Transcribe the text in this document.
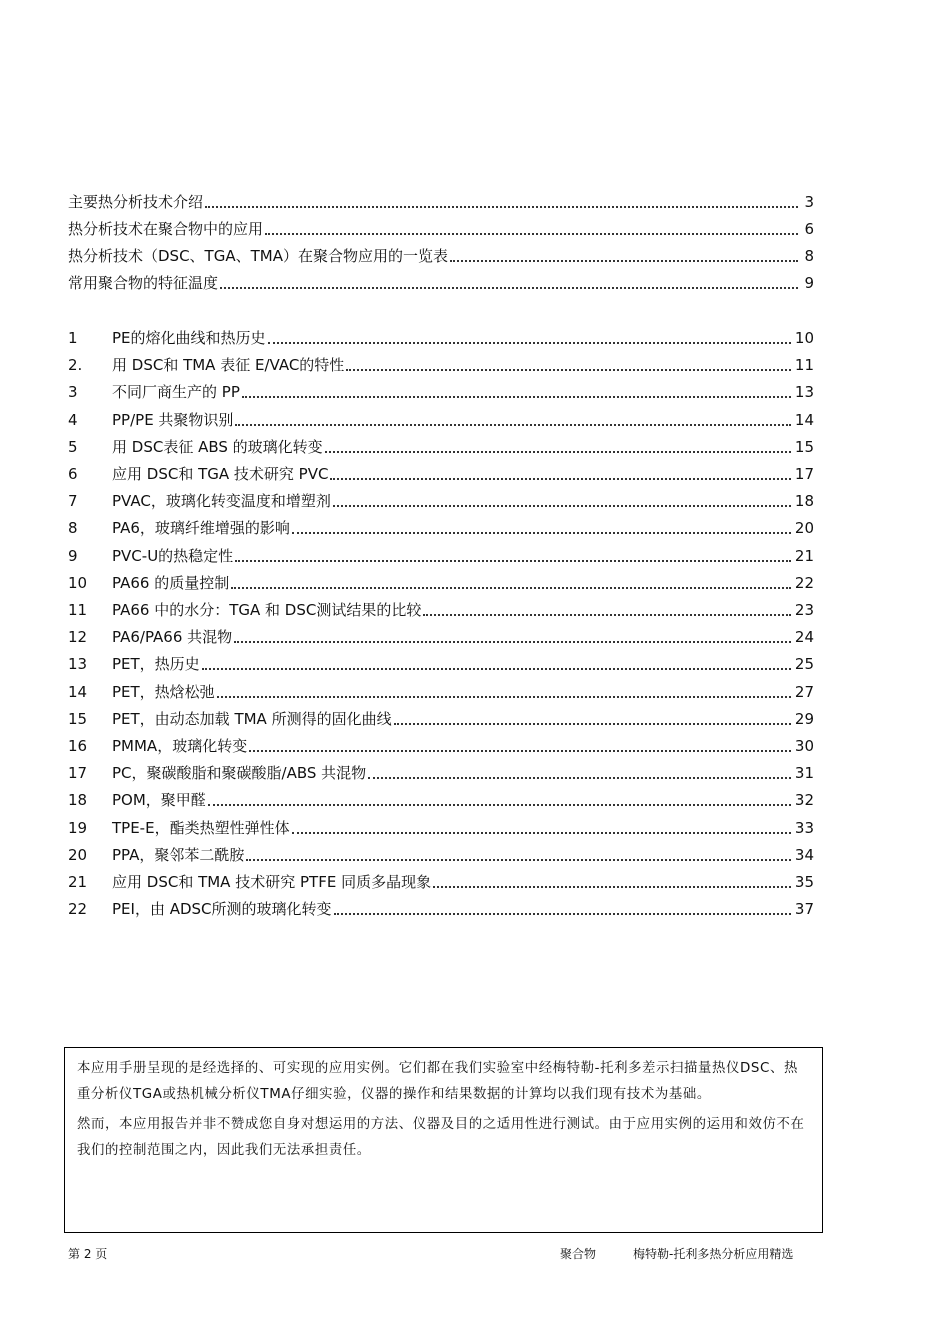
主要热分析技术介绍	3
热分析技术在聚合物中的应用	6
热分析技术（DSC、TGA、TMA）在聚合物应用的一览表	8
常用聚合物的特征温度	9
1	PE的熔化曲线和热历史	10
2.	用 DSC和 TMA 表征 E/VAC的特性	11
3	不同厂商生产的 PP	13
4	PP/PE 共聚物识别	14
5	用 DSC表征 ABS 的玻璃化转变	15
6	应用 DSC和 TGA 技术研究 PVC	17
7	PVAC，玻璃化转变温度和增塑剂	18
8	PA6，玻璃纤维增强的影响	20
9	PVC-U的热稳定性	21
10	PA66 的质量控制	22
11	PA66 中的水分：TGA 和 DSC测试结果的比较	23
12	PA6/PA66 共混物	24
13	PET，热历史	25
14	PET，热焓松弛	27
15	PET，由动态加载 TMA 所测得的固化曲线	29
16	PMMA，玻璃化转变	30
17	PC，聚碳酸脂和聚碳酸脂/ABS 共混物	31
18	POM，聚甲醛	32
19	TPE-E，酯类热塑性弹性体	33
20	PPA，聚邻苯二酰胺	34
21	应用 DSC和 TMA 技术研究 PTFE 同质多晶现象	35
22	PEI，由 ADSC所测的玻璃化转变	37

本应用手册呈现的是经选择的、可实现的应用实例。它们都在我们实验室中经梅特勒-托利多差示扫描量热仪DSC、热重分析仪TGA或热机械分析仪TMA仔细实验，仪器的操作和结果数据的计算均以我们现有技术为基础。

然而，本应用报告并非不赞成您自身对想运用的方法、仪器及目的之适用性进行测试。由于应用实例的运用和效仿不在我们的控制范围之内，因此我们无法承担责任。

第 2 页	聚合物	梅特勒-托利多热分析应用精选
